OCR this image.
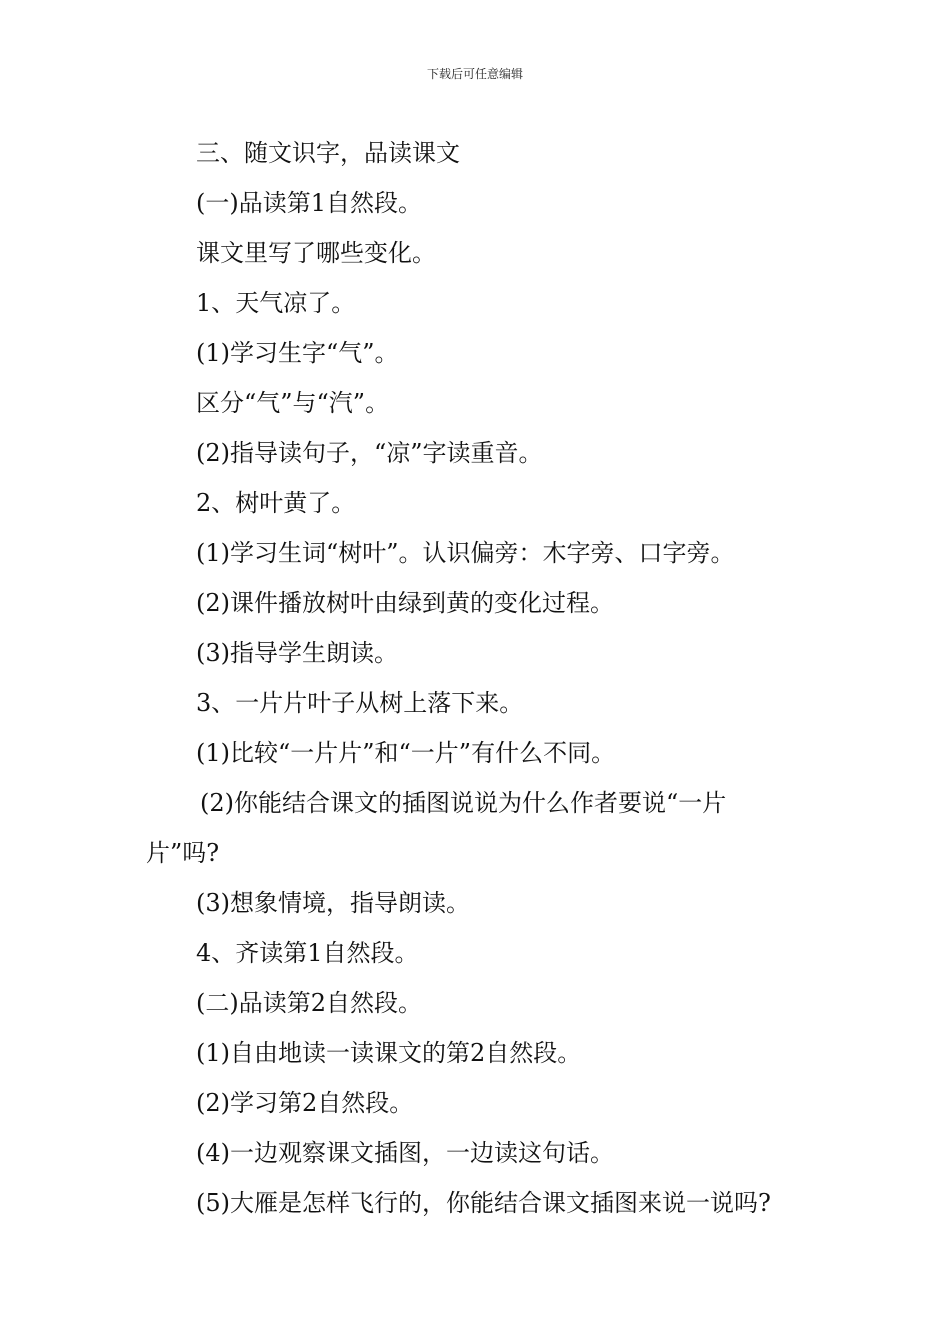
下载后可任意编辑
三、随文识字，品读课文
(一)品读第1自然段。
课文里写了哪些变化。
1、天气凉了。
(1)学习生字“气”。
区分“气”与“汽”。
(2)指导读句子，“凉”字读重音。
2、树叶黄了。
(1)学习生词“树叶”。认识偏旁：木字旁、口字旁。
(2)课件播放树叶由绿到黄的变化过程。
(3)指导学生朗读。
3、一片片叶子从树上落下来。
(1)比较“一片片”和“一片”有什么不同。
(2)你能结合课文的插图说说为什么作者要说“一片
片”吗?
(3)想象情境，指导朗读。
4、齐读第1自然段。
(二)品读第2自然段。
(1)自由地读一读课文的第2自然段。
(2)学习第2自然段。
(4)一边观察课文插图，一边读这句话。
(5)大雁是怎样飞行的，你能结合课文插图来说一说吗?
